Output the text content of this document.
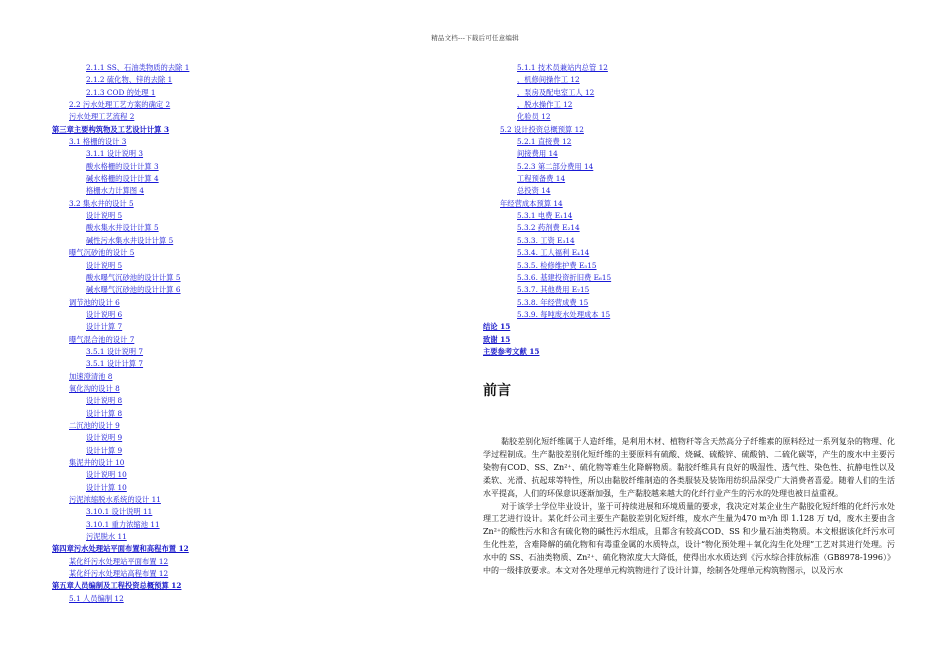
精品文档---下载后可任意编辑
2.1.1 SS、石油类物质的去除 1
2.1.2 硫化物、锌的去除 1
2.1.3 COD 的处理 1
2.2 污水处理工艺方案的确定 2
污水处理工艺流程 2
第三章主要构筑物及工艺设计计算 3
3.1 格栅的设计 3
3.1.1 设计说明 3
酸水格栅的设计计算 3
碱水格栅的设计计算 4
格栅水力计算图 4
3.2 集水井的设计 5
设计说明 5
酸水集水井设计计算 5
碱性污水集水井设计计算 5
曝气沉砂池的设计 5
设计说明 5
酸水曝气沉砂池的设计计算 5
碱水曝气沉砂池的设计计算 6
调节池的设计 6
设计说明 6
设计计算 7
曝气混合池的设计 7
3.5.1 设计说明 7
3.5.1 设计计算 7
加速澄清池 8
氧化沟的设计 8
设计说明 8
设计计算 8
二沉池的设计 9
设计说明 9
设计计算 9
集泥井的设计 10
设计说明 10
设计计算 10
污泥浓缩脱水系统的设计 11
3.10.1 设计说明 11
3.10.1 重力浓缩池 11
污泥脱水 11
第四章污水处理站平面布置和高程布置 12
某化纤污水处理站平面布置 12
某化纤污水处理站高程布置 12
第五章人员编制及工程投资总概预算 12
5.1 人员编制 12
5.1.1 技术员兼站内总管 12
、机修间操作工 12
、泵房及配电室工人 12
、脱水操作工 12
化验员 12
5.2 设计投资总概预算 12
5.2.1 直接费 12
间接费用 14
5.2.3 第二部分费用 14
工程预备费 14
总投资 14
年经营成本预算 14
5.3.1 电费 E₁14
5.3.2 药剂费 E₂14
5.3.3. 工资 E₃14
5.3.4. 工人福利 E₄14
5.3.5. 检修维护费 E₅15
5.3.6. 基建投资折旧费 E₆15
5.3.7. 其他费用 E₇15
5.3.8. 年经营成费 15
5.3.9. 每吨废水处理成本 15
结论 15
致谢 15
主要参考文献 15
前言

黏胶差别化短纤维属于人造纤维，是利用木材、植物秆等含天然高分子纤维素的原料经过一系列复杂的物理、化学过程制成。生产黏胶差别化短纤维的主要原料有硫酸、烧碱、硫酸锌、硫酸钠、二硫化碳等，产生的废水中主要污染物有COD、SS、Zn²⁺、硫化物等难生化降解物质。黏胶纤维具有良好的吸湿性、透气性、染色性、抗静电性以及柔软、光滑、抗起球等特性，所以由黏胶纤维制造的各类服装及装饰用纺织品深受广大消费者喜爱。随着人们的生活水平提高，人们的环保意识逐渐加强，生产黏胶越来越大的化纤行业产生的污水的处理也被日益重视。

对于该学士学位毕业设计，鉴于可持续进展和环境质量的要求，我决定对某企业生产黏胶化短纤维的化纤污水处理工艺进行设计。某化纤公司主要生产黏胶差别化短纤维，废水产生量为470 m³/h 即 1.128 万 t/d，废水主要由含 Zn²⁺的酸性污水和含有硫化物的碱性污水组成，且都含有较高COD、SS 和少量石油类物质。本文根据该化纤污水可生化性差，含难降解的硫化物和有毒重金属的水质特点，设计“物化预处理＋氧化沟生化处理”工艺对其进行处理。污水中的 SS、石油类物质、Zn²⁺、硫化物浓度大大降低，使得出水水质达到《污水综合排放标准（GB8978-1996）》中的一级排放要求。本文对各处理单元构筑物进行了设计计算，绘制各处理单元构筑物图示，以及污水
